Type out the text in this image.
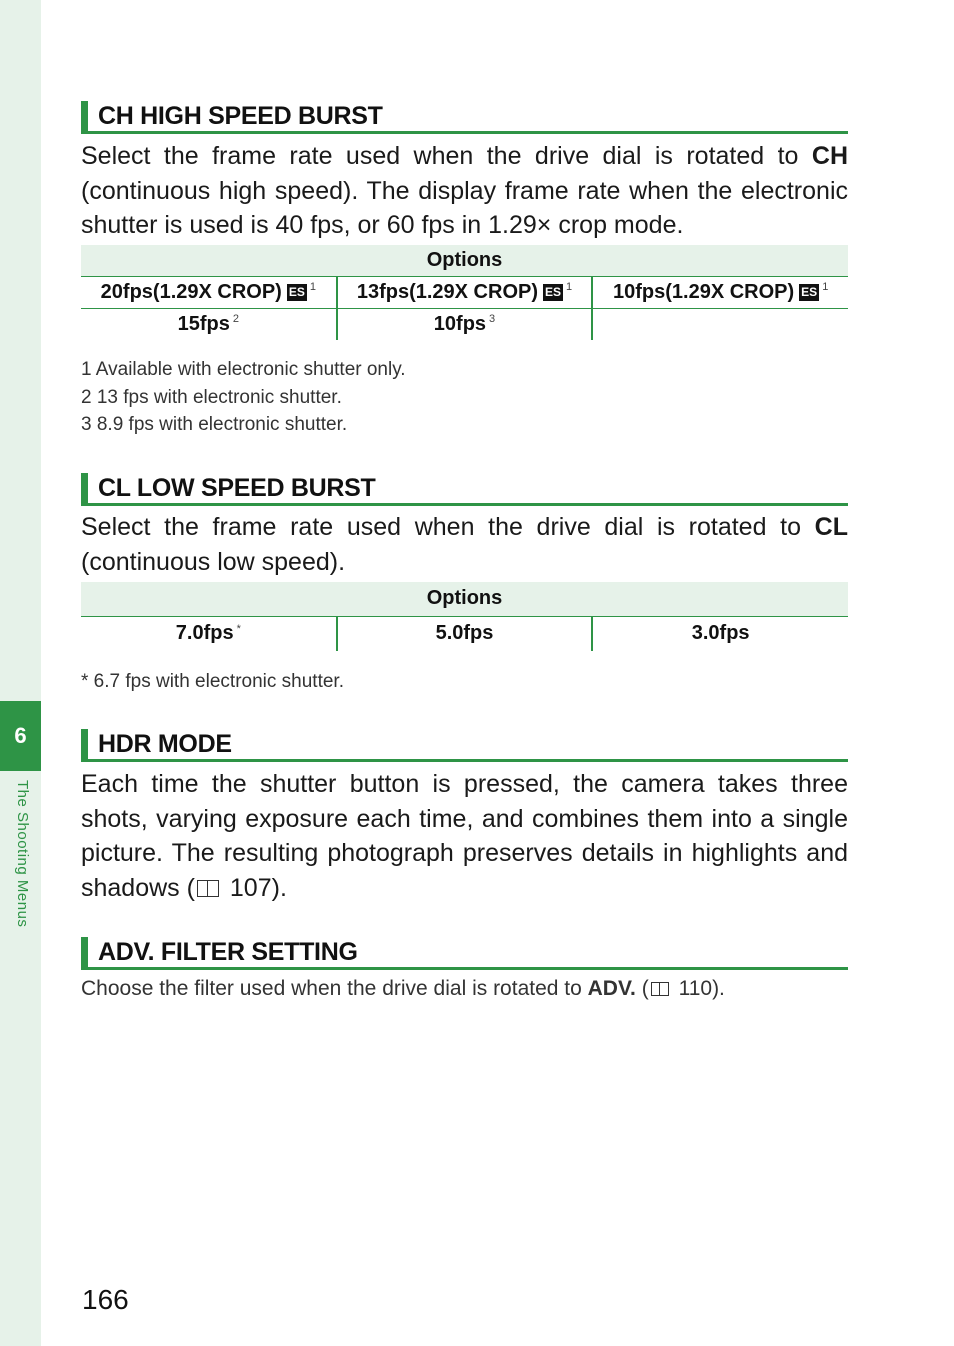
6
The Shooting Menus
CH HIGH SPEED BURST

Select the frame rate used when the drive dial is rotated to CH (continuous high speed). The display frame rate when the electronic shutter is used is 40 fps, or 60 fps in 1.29× crop mode.

Options		
20fps(1.29X CROP) ES $^1$	13fps(1.29X CROP) ES $^1$	10fps(1.29X CROP) ES $^1$
15fps $^2$	10fps $^3$	

1 Available with electronic shutter only.

2 13 fps with electronic shutter.

3 8.9 fps with electronic shutter.

CL LOW SPEED BURST

Select the frame rate used when the drive dial is rotated to CL (continuous low speed).

Options
7.0fps *	5.0fps	3.0fps

* 6.7 fps with electronic shutter.

HDR MODE

Each time the shutter button is pressed, the camera takes three shots, varying exposure each time, and combines them into a single picture. The resulting photograph preserves details in highlights and shadows ( 107).

ADV. FILTER SETTING

Choose the filter used when the drive dial is rotated to ADV. ( 110).

166
